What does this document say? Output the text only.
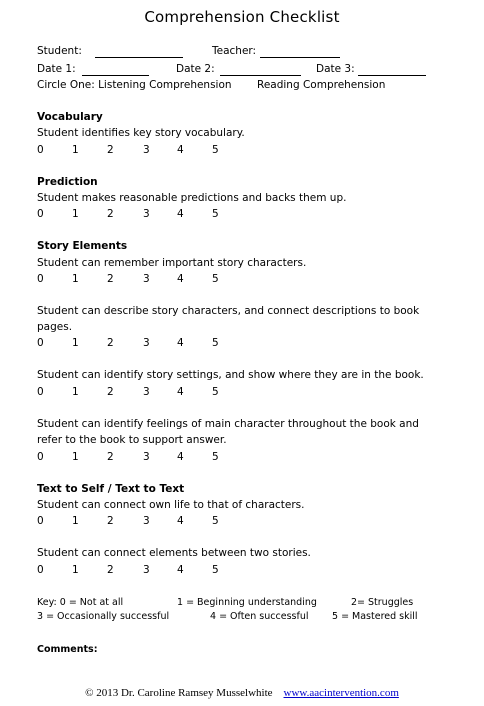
Comprehension Checklist
Student:	Teacher:
Date 1:	Date 2:	Date 3:
Circle One: Listening Comprehension Reading Comprehension
Vocabulary
Student identifies key story vocabulary.
0	1	2	3	4	5
Prediction
Student makes reasonable predictions and backs them up.
0	1	2	3	4	5
Story Elements
Student can remember important story characters.
0	1	2	3	4	5
Student can describe story characters, and connect descriptions to book
pages.
0	1	2	3	4	5
Student can identify story settings, and show where they are in the book.
0	1	2	3	4	5
Student can identify feelings of main character throughout the book and
refer to the book to support answer.
0	1	2	3	4	5
Text to Self / Text to Text
Student can connect own life to that of characters.
0	1	2	3	4	5
Student can connect elements between two stories.
0	1	2	3	4	5
Key: 0 = Not at all	1 = Beginning understanding	2= Struggles
3 = Occasionally successful	4 = Often successful 5 = Mastered skill
Comments:
© 2013 Dr. Caroline Ramsey Musselwhite www.aacintervention.com
